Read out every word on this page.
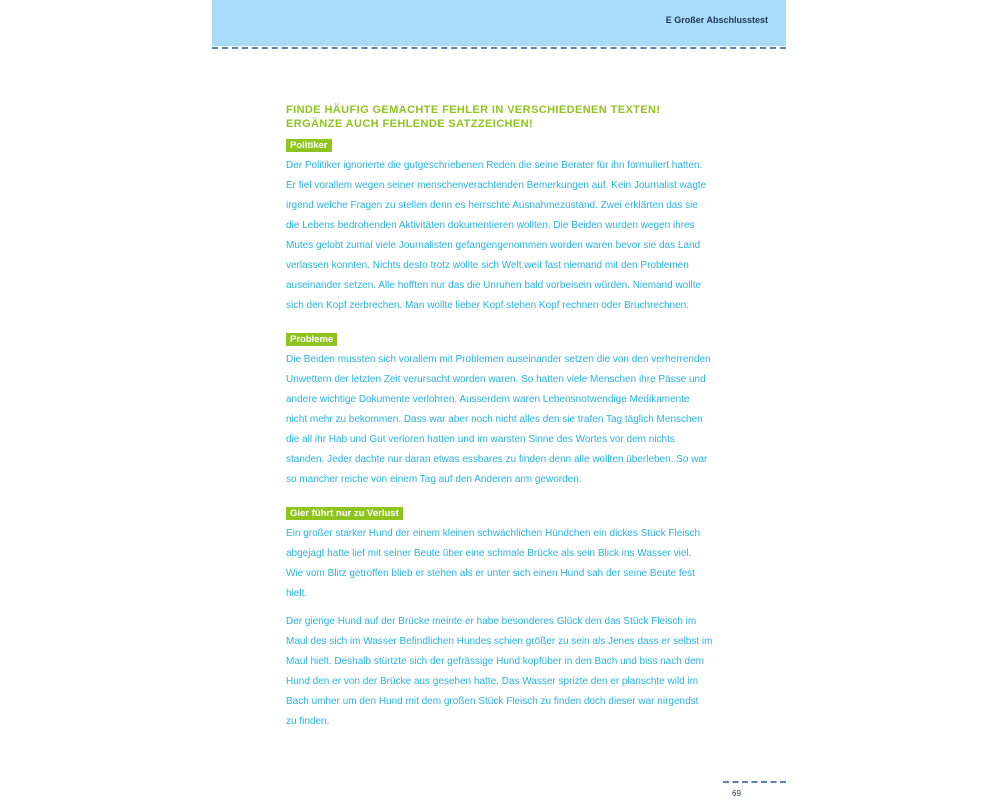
E Großer Abschlusstest
FINDE HÄUFIG GEMACHTE FEHLER IN VERSCHIEDENEN TEXTEN!
ERGÄNZE AUCH FEHLENDE SATZZEICHEN!
Politiker
Der Politiker ignorierte die gutgeschriebenen Reden die seine Berater für ihn formuliert hatten.
Er fiel vorallem wegen seiner menschenverachtenden Bemerkungen auf. Kein Journalist wagte
irgend welche Fragen zu stellen denn es herrschte Ausnahmezustand. Zwei erklärten das sie
die Lebens bedrohenden Aktivitäten dokumentieren wollten. Die Beiden wurden wegen ihres
Mutes gelobt zumal viele Journalisten gefangengenommen worden waren bevor sie das Land
verlassen konnten. Nichts desto trotz wollte sich Welt weit fast niemand mit den Problemen
auseinander setzen. Alle hofften nur das die Unruhen bald vorbeisein würden. Niemand wollte
sich den Kopf zerbrechen. Man wollte lieber Kopf stehen Kopf rechnen oder Bruchrechnen.
Probleme
Die Beiden mussten sich vorallem mit Problemen auseinander setzen die von den verherrenden
Unwettern der letzten Zeit verursacht worden waren. So hatten viele Menschen ihre Pässe und
andere wichtige Dokumente verlohren. Ausserdem waren Lebensnotwendige Medikamente
nicht mehr zu bekommen. Dass war aber noch nicht alles den sie trafen Tag täglich Menschen
die all ihr Hab und Gut verloren hatten und im warsten Sinne des Wortes vor dem nichts
standen. Jeder dachte nur daran etwas essbares zu finden denn alle wollten überleben. So war
so mancher reiche von einem Tag auf den Anderen arm geworden.
Gier führt nur zu Verlust
Ein großer starker Hund der einem kleinen schwächlichen Hündchen ein dickes Stück Fleisch
abgejagt hatte lief mit seiner Beute über eine schmale Brücke als sein Blick ins Wasser viel.
Wie vom Blitz getroffen blieb er stehen als er unter sich einen Hund sah der seine Beute fest
hielt.
Der gierige Hund auf der Brücke meinte er habe besonderes Glück den das Stück Fleisch im
Maul des sich im Wasser Befindlichen Hundes schien größer zu sein als Jenes dass er selbst im
Maul hielt. Deshalb stürtzte sich der gefrässige Hund kopfüber in den Bach und biss nach dem
Hund den er von der Brücke aus gesehen hatte. Das Wasser sprizte den er planschte wild im
Bach umher um den Hund mit dem großen Stück Fleisch zu finden doch dieser war nirgendst
zu finden.
69
